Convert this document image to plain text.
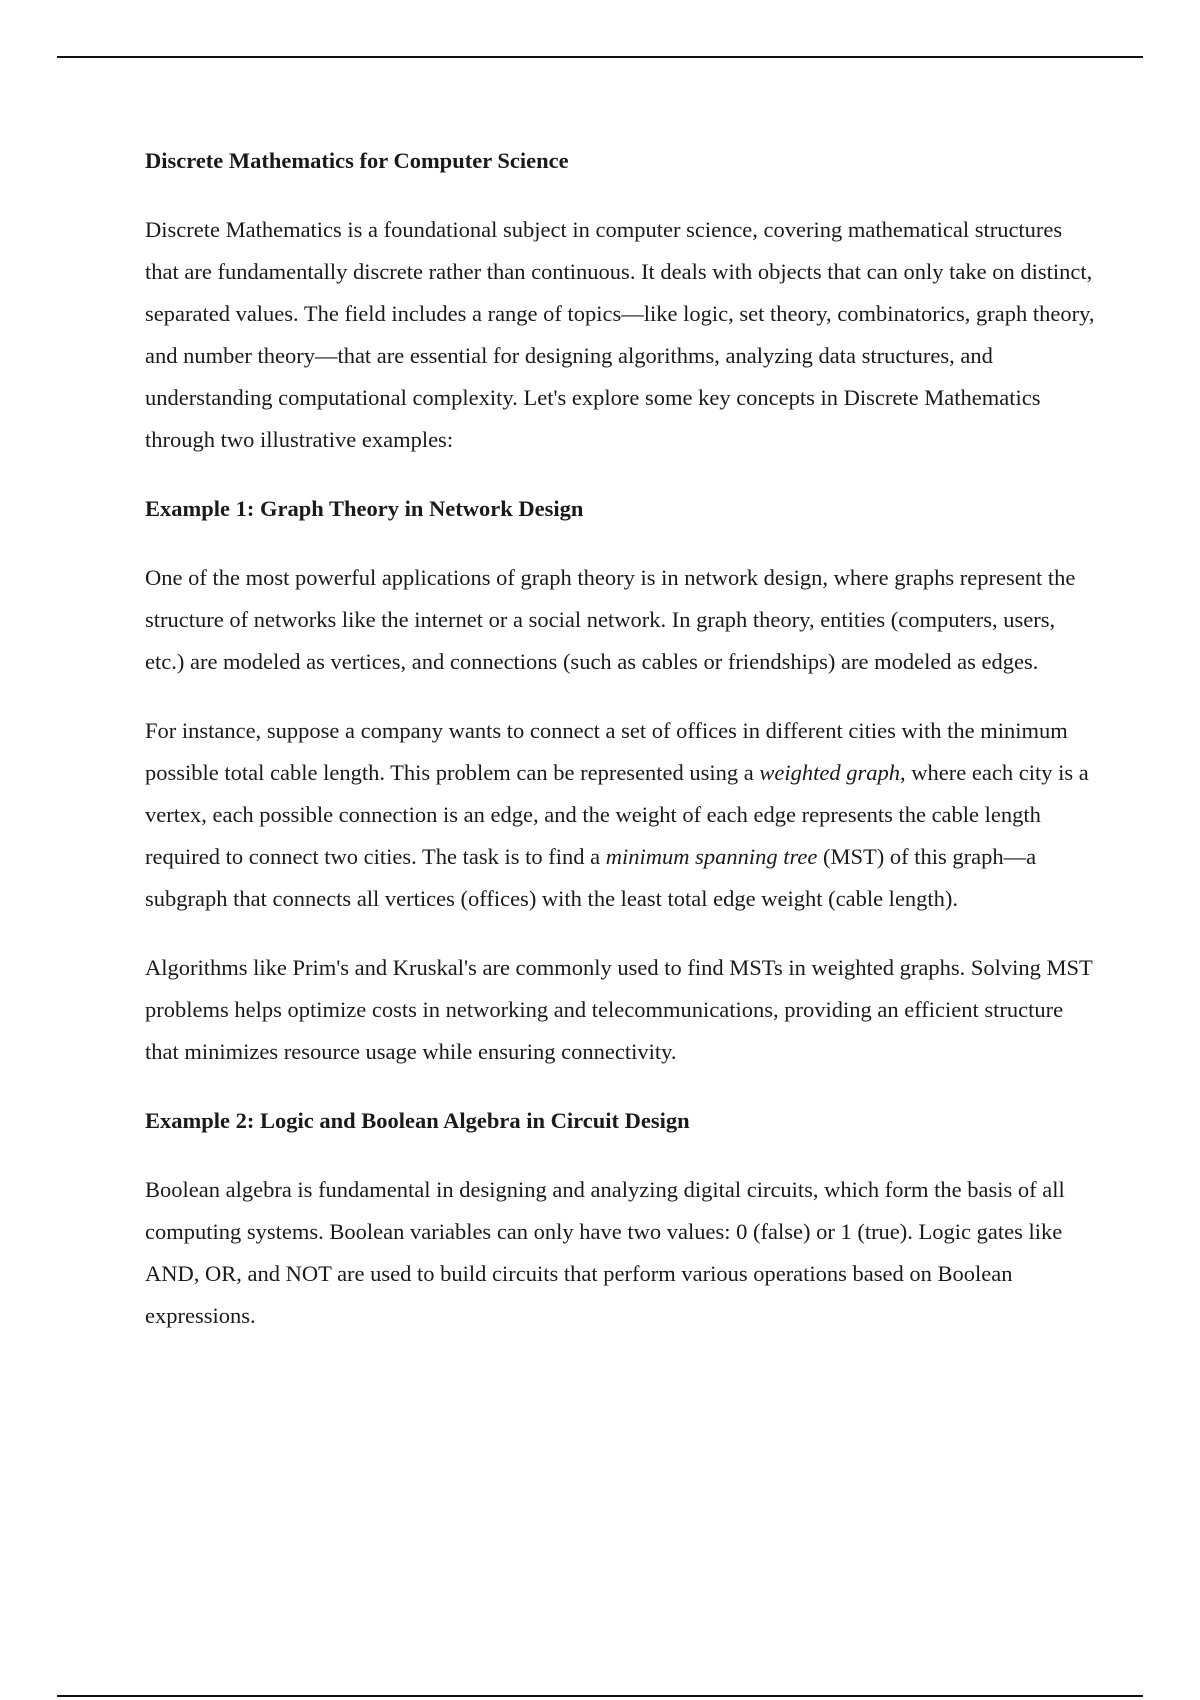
Discrete Mathematics for Computer Science

Discrete Mathematics is a foundational subject in computer science, covering mathematical structures that are fundamentally discrete rather than continuous. It deals with objects that can only take on distinct, separated values. The field includes a range of topics—like logic, set theory, combinatorics, graph theory, and number theory—that are essential for designing algorithms, analyzing data structures, and understanding computational complexity. Let's explore some key concepts in Discrete Mathematics through two illustrative examples:

Example 1: Graph Theory in Network Design

One of the most powerful applications of graph theory is in network design, where graphs represent the structure of networks like the internet or a social network. In graph theory, entities (computers, users, etc.) are modeled as vertices, and connections (such as cables or friendships) are modeled as edges.

For instance, suppose a company wants to connect a set of offices in different cities with the minimum possible total cable length. This problem can be represented using a weighted graph, where each city is a vertex, each possible connection is an edge, and the weight of each edge represents the cable length required to connect two cities. The task is to find a minimum spanning tree (MST) of this graph—a subgraph that connects all vertices (offices) with the least total edge weight (cable length).

Algorithms like Prim's and Kruskal's are commonly used to find MSTs in weighted graphs. Solving MST problems helps optimize costs in networking and telecommunications, providing an efficient structure that minimizes resource usage while ensuring connectivity.

Example 2: Logic and Boolean Algebra in Circuit Design

Boolean algebra is fundamental in designing and analyzing digital circuits, which form the basis of all computing systems. Boolean variables can only have two values: 0 (false) or 1 (true). Logic gates like AND, OR, and NOT are used to build circuits that perform various operations based on Boolean expressions.
